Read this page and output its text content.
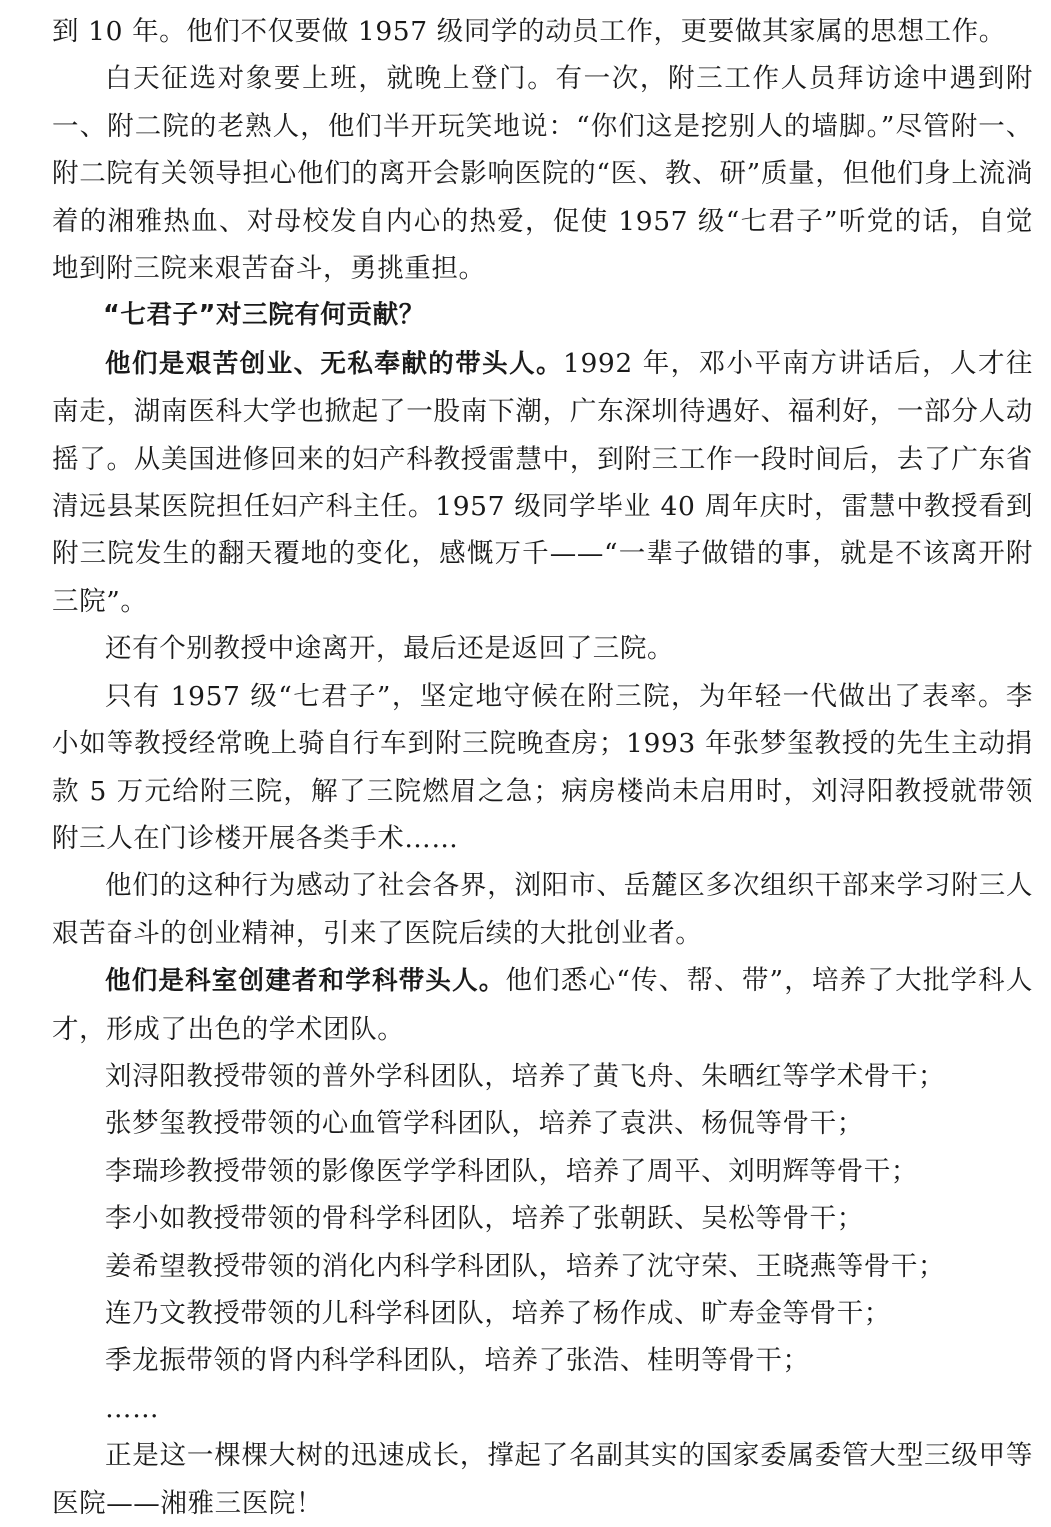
到 10 年。他们不仅要做 1957 级同学的动员工作，更要做其家属的思想工作。

白天征选对象要上班，就晚上登门。有一次，附三工作人员拜访途中遇到附一、附二院的老熟人，他们半开玩笑地说：“你们这是挖别人的墙脚。”尽管附一、附二院有关领导担心他们的离开会影响医院的“医、教、研”质量，但他们身上流淌着的湘雅热血、对母校发自内心的热爱，促使 1957 级“七君子”听党的话，自觉地到附三院来艰苦奋斗，勇挑重担。

“七君子”对三院有何贡献？

他们是艰苦创业、无私奉献的带头人。1992 年，邓小平南方讲话后，人才往南走，湖南医科大学也掀起了一股南下潮，广东深圳待遇好、福利好，一部分人动摇了。从美国进修回来的妇产科教授雷慧中，到附三工作一段时间后，去了广东省清远县某医院担任妇产科主任。1957 级同学毕业 40 周年庆时，雷慧中教授看到附三院发生的翻天覆地的变化，感慨万千——“一辈子做错的事，就是不该离开附三院”。

还有个别教授中途离开，最后还是返回了三院。

只有 1957 级“七君子”，坚定地守候在附三院，为年轻一代做出了表率。李小如等教授经常晚上骑自行车到附三院晚查房；1993 年张梦玺教授的先生主动捐款 5 万元给附三院，解了三院燃眉之急；病房楼尚未启用时，刘浔阳教授就带领附三人在门诊楼开展各类手术……

他们的这种行为感动了社会各界，浏阳市、岳麓区多次组织干部来学习附三人艰苦奋斗的创业精神，引来了医院后续的大批创业者。

他们是科室创建者和学科带头人。他们悉心“传、帮、带”，培养了大批学科人才，形成了出色的学术团队。

刘浔阳教授带领的普外学科团队，培养了黄飞舟、朱晒红等学术骨干；

张梦玺教授带领的心血管学科团队，培养了袁洪、杨侃等骨干；

李瑞珍教授带领的影像医学学科团队，培养了周平、刘明辉等骨干；

李小如教授带领的骨科学科团队，培养了张朝跃、吴松等骨干；

姜希望教授带领的消化内科学科团队，培养了沈守荣、王晓燕等骨干；

连乃文教授带领的儿科学科团队，培养了杨作成、旷寿金等骨干；

季龙振带领的肾内科学科团队，培养了张浩、桂明等骨干；

……

正是这一棵棵大树的迅速成长，撑起了名副其实的国家委属委管大型三级甲等医院——湘雅三医院！
